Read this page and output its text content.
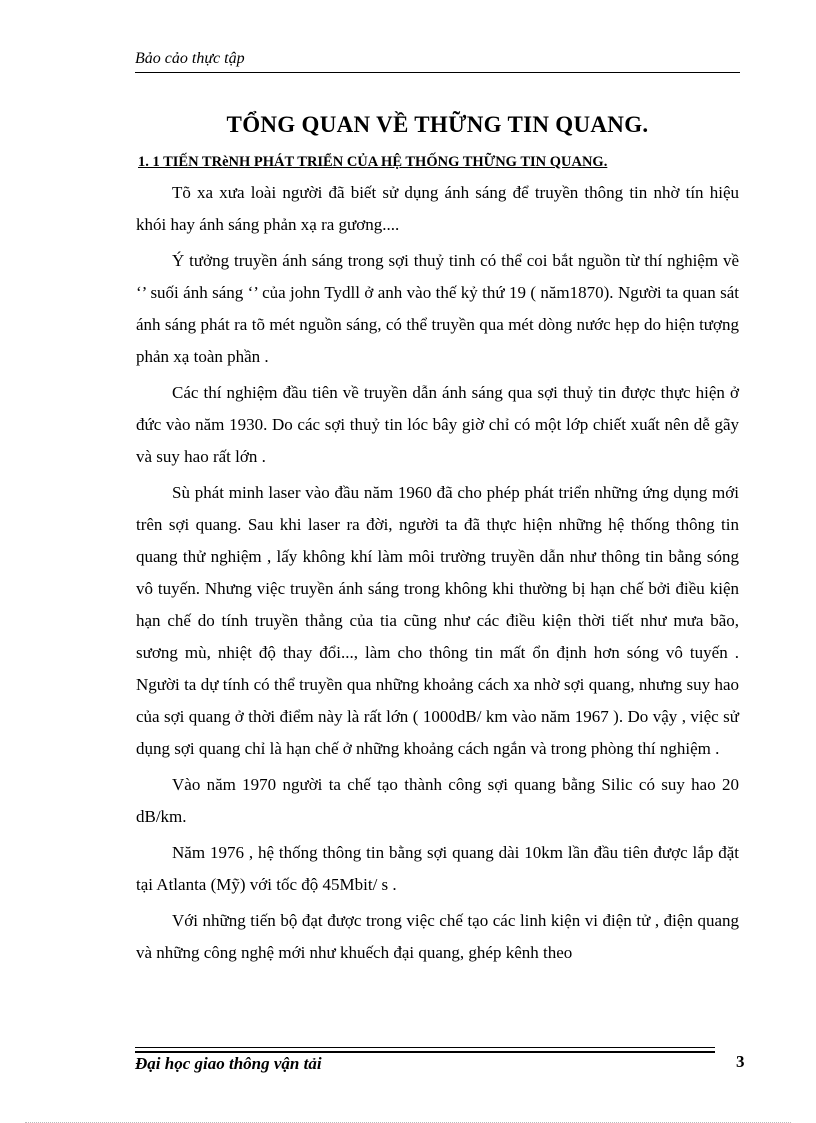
Bảo cảo thực tập
TỔNG QUAN VỀ THỮNG TIN QUANG.
1. 1 TIẾN TRèNH PHÁT TRIỂN CỦA HỆ THỐNG THỮNG TIN QUANG.

Tõ xa xưa loài người đã biết sử dụng ánh sáng để truyền thông tin nhờ tín hiệu khói hay ánh sáng phản xạ ra gương....

Ý tưởng truyền ánh sáng trong sợi thuỷ tinh có thể coi bắt nguồn từ thí nghiệm về ‘’ suối ánh sáng ‘’ của john Tydll ở anh vào thế kỷ thứ 19 ( năm1870). Người ta quan sát ánh sáng phát ra tõ mét nguồn sáng, có thể truyền qua mét dòng nước hẹp do hiện tượng phản xạ toàn phần .

Các thí nghiệm đầu tiên về truyền dẫn ánh sáng qua sợi thuỷ tin được thực hiện ở đức vào năm 1930. Do các sợi thuỷ tin lóc bây giờ chỉ có một lớp chiết xuất nên dễ gãy và suy hao rất lớn .

Sù phát minh laser vào đầu năm 1960 đã cho phép phát triển những ứng dụng mới trên sợi quang. Sau khi laser ra đời, người ta đã thực hiện những hệ thống thông tin quang thử nghiệm , lấy không khí làm môi trường truyền dẫn như thông tin bằng sóng vô tuyến. Nhưng việc truyền ánh sáng trong không khi thường bị hạn chế bởi điều kiện hạn chế do tính truyền thẳng của tia cũng như các điều kiện thời tiết như mưa bão, sương mù, nhiệt độ thay đổi..., làm cho thông tin mất ổn định hơn sóng vô tuyến . Người ta dự tính có thể truyền qua những khoảng cách xa nhờ sợi quang, nhưng suy hao của sợi quang ở thời điểm này là rất lớn ( 1000dB/ km vào năm 1967 ). Do vậy , việc sử dụng sợi quang chỉ là hạn chế ở những khoảng cách ngắn và trong phòng thí nghiệm .

Vào năm 1970 người ta chế tạo thành công sợi quang bằng Silic có suy hao 20 dB/km.

Năm 1976 , hệ thống thông tin bằng sợi quang dài 10km lần đầu tiên được lắp đặt tại Atlanta (Mỹ) với tốc độ 45Mbit/ s .

Với những tiến bộ đạt được trong việc chế tạo các linh kiện vi điện tử , điện quang và những công nghệ mới như khuếch đại quang, ghép kênh theo

Đại học giao thông vận tải	3
